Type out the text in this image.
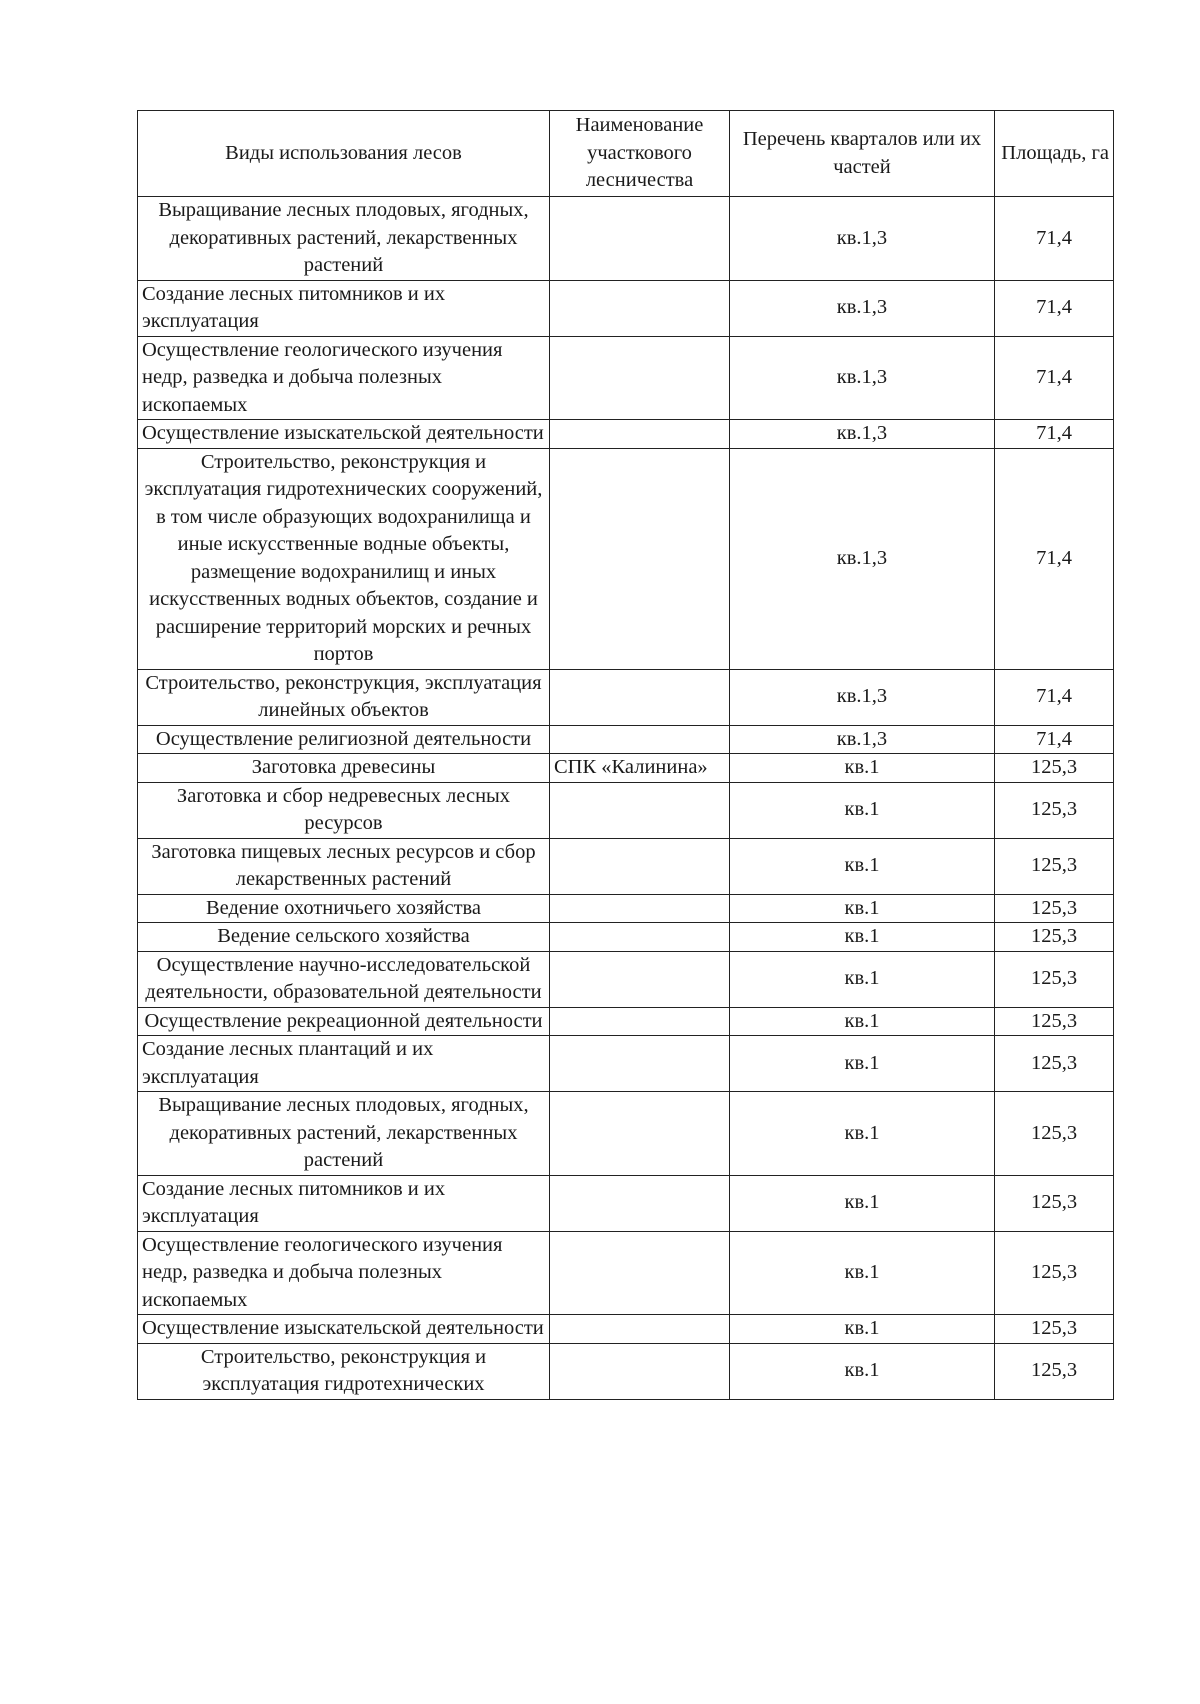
Виды использования лесов	Наименование участкового лесничества	Перечень кварталов или их частей	Площадь, га
Выращивание лесных плодовых, ягодных, декоративных растений, лекарственных растений		кв.1,3	71,4
Создание лесных питомников и их эксплуатация		кв.1,3	71,4
Осуществление геологического изучения недр, разведка и добыча полезных ископаемых		кв.1,3	71,4
Осуществление изыскательской деятельности		кв.1,3	71,4
Строительство, реконструкция и эксплуатация гидротехнических сооружений, в том числе образующих водохранилища и иные искусственные водные объекты, размещение водохранилищ и иных искусственных водных объектов, создание и расширение территорий морских и речных портов		кв.1,3	71,4
Строительство, реконструкция, эксплуатация линейных объектов		кв.1,3	71,4
Осуществление религиозной деятельности		кв.1,3	71,4
Заготовка древесины	СПК «Калинина»	кв.1	125,3
Заготовка и сбор недревесных лесных ресурсов		кв.1	125,3
Заготовка пищевых лесных ресурсов и сбор лекарственных растений		кв.1	125,3
Ведение охотничьего хозяйства		кв.1	125,3
Ведение сельского хозяйства		кв.1	125,3
Осуществление научно-исследовательской деятельности, образовательной деятельности		кв.1	125,3
Осуществление рекреационной деятельности		кв.1	125,3
Создание лесных плантаций и их эксплуатация		кв.1	125,3
Выращивание лесных плодовых, ягодных, декоративных растений, лекарственных растений		кв.1	125,3
Создание лесных питомников и их эксплуатация		кв.1	125,3
Осуществление геологического изучения недр, разведка и добыча полезных ископаемых		кв.1	125,3
Осуществление изыскательской деятельности		кв.1	125,3
Строительство, реконструкция и эксплуатация гидротехнических		кв.1	125,3
